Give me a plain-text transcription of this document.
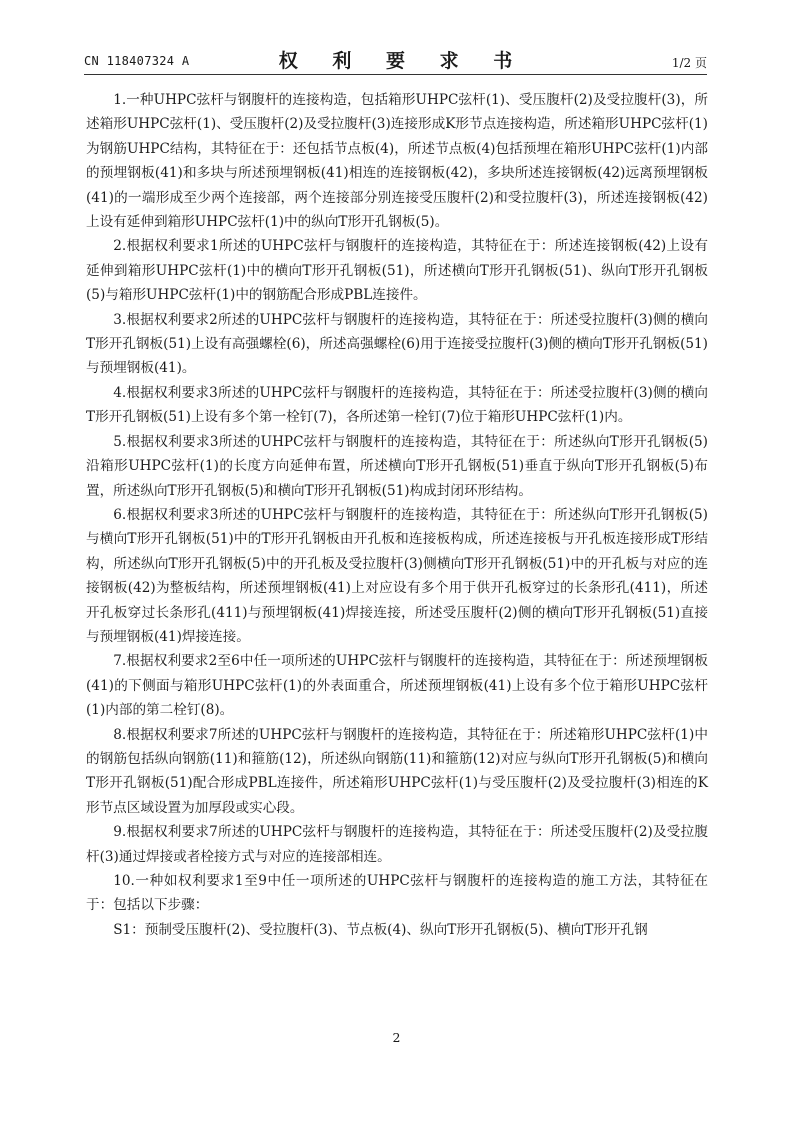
CN 118407324 A	权 利 要 求 书	1/2 页

1.一种UHPC弦杆与钢腹杆的连接构造，包括箱形UHPC弦杆(1)、受压腹杆(2)及受拉腹杆(3)，所述箱形UHPC弦杆(1)、受压腹杆(2)及受拉腹杆(3)连接形成K形节点连接构造，所述箱形UHPC弦杆(1)为钢筋UHPC结构，其特征在于：还包括节点板(4)，所述节点板(4)包括预埋在箱形UHPC弦杆(1)内部的预埋钢板(41)和多块与所述预埋钢板(41)相连的连接钢板(42)，多块所述连接钢板(42)远离预埋钢板(41)的一端形成至少两个连接部，两个连接部分别连接受压腹杆(2)和受拉腹杆(3)，所述连接钢板(42)上设有延伸到箱形UHPC弦杆(1)中的纵向T形开孔钢板(5)。

2.根据权利要求1所述的UHPC弦杆与钢腹杆的连接构造，其特征在于：所述连接钢板(42)上设有延伸到箱形UHPC弦杆(1)中的横向T形开孔钢板(51)，所述横向T形开孔钢板(51)、纵向T形开孔钢板(5)与箱形UHPC弦杆(1)中的钢筋配合形成PBL连接件。

3.根据权利要求2所述的UHPC弦杆与钢腹杆的连接构造，其特征在于：所述受拉腹杆(3)侧的横向T形开孔钢板(51)上设有高强螺栓(6)，所述高强螺栓(6)用于连接受拉腹杆(3)侧的横向T形开孔钢板(51)与预埋钢板(41)。

4.根据权利要求3所述的UHPC弦杆与钢腹杆的连接构造，其特征在于：所述受拉腹杆(3)侧的横向T形开孔钢板(51)上设有多个第一栓钉(7)，各所述第一栓钉(7)位于箱形UHPC弦杆(1)内。

5.根据权利要求3所述的UHPC弦杆与钢腹杆的连接构造，其特征在于：所述纵向T形开孔钢板(5)沿箱形UHPC弦杆(1)的长度方向延伸布置，所述横向T形开孔钢板(51)垂直于纵向T形开孔钢板(5)布置，所述纵向T形开孔钢板(5)和横向T形开孔钢板(51)构成封闭环形结构。

6.根据权利要求3所述的UHPC弦杆与钢腹杆的连接构造，其特征在于：所述纵向T形开孔钢板(5)与横向T形开孔钢板(51)中的T形开孔钢板由开孔板和连接板构成，所述连接板与开孔板连接形成T形结构，所述纵向T形开孔钢板(5)中的开孔板及受拉腹杆(3)侧横向T形开孔钢板(51)中的开孔板与对应的连接钢板(42)为整板结构，所述预埋钢板(41)上对应设有多个用于供开孔板穿过的长条形孔(411)，所述开孔板穿过长条形孔(411)与预埋钢板(41)焊接连接，所述受压腹杆(2)侧的横向T形开孔钢板(51)直接与预埋钢板(41)焊接连接。

7.根据权利要求2至6中任一项所述的UHPC弦杆与钢腹杆的连接构造，其特征在于：所述预埋钢板(41)的下侧面与箱形UHPC弦杆(1)的外表面重合，所述预埋钢板(41)上设有多个位于箱形UHPC弦杆(1)内部的第二栓钉(8)。

8.根据权利要求7所述的UHPC弦杆与钢腹杆的连接构造，其特征在于：所述箱形UHPC弦杆(1)中的钢筋包括纵向钢筋(11)和箍筋(12)，所述纵向钢筋(11)和箍筋(12)对应与纵向T形开孔钢板(5)和横向T形开孔钢板(51)配合形成PBL连接件，所述箱形UHPC弦杆(1)与受压腹杆(2)及受拉腹杆(3)相连的K形节点区域设置为加厚段或实心段。

9.根据权利要求7所述的UHPC弦杆与钢腹杆的连接构造，其特征在于：所述受压腹杆(2)及受拉腹杆(3)通过焊接或者栓接方式与对应的连接部相连。

10.一种如权利要求1至9中任一项所述的UHPC弦杆与钢腹杆的连接构造的施工方法，其特征在于：包括以下步骤：

S1：预制受压腹杆(2)、受拉腹杆(3)、节点板(4)、纵向T形开孔钢板(5)、横向T形开孔钢

2
